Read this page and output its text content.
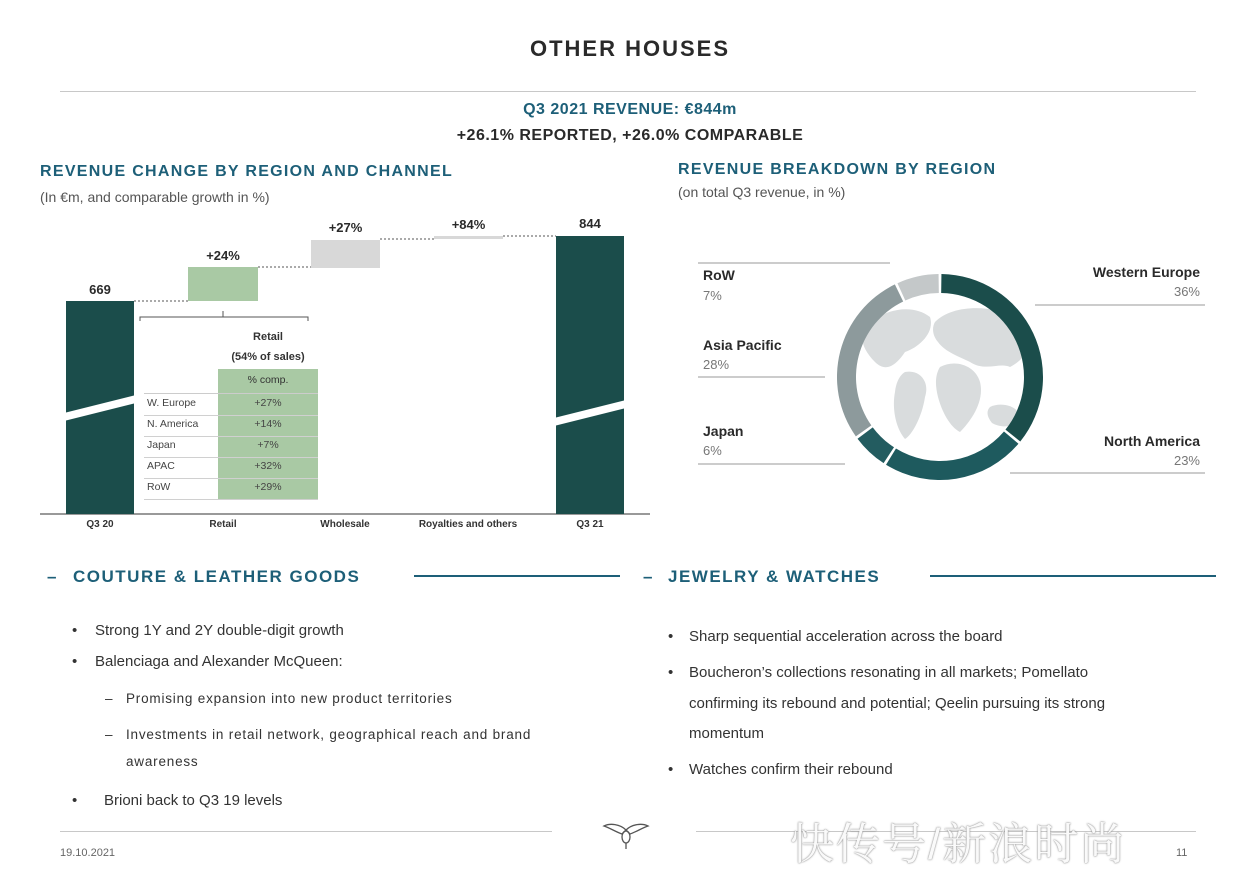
OTHER HOUSES
Q3 2021 REVENUE: €844m
+26.1% REPORTED, +26.0% COMPARABLE
REVENUE CHANGE BY REGION AND CHANNEL
(In €m, and comparable growth in %)
669
+24%
+27%	+84%	844
Q3 20	Retail	Wholesale	Royalties and others	Q3 21
Retail
(54% of sales)
% comp.
W. Europe	+27%
N. America	+14%
Japan	+7%
APAC	+32%
RoW	+29%
REVENUE BREAKDOWN BY REGION
(on total Q3 revenue, in %)
RoW
7%
Asia Pacific
28%
Japan
6%
Western Europe
36%
North America
23%
– COUTURE & LEATHER GOODS
• Strong 1Y and 2Y double-digit growth
• Balenciaga and Alexander McQueen:
– Promising expansion into new product territories
– Investments in retail network, geographical reach and brand
awareness
• Brioni back to Q3 19 levels
– JEWELRY & WATCHES
• Sharp sequential acceleration across the board
• Boucheron’s collections resonating in all markets; Pomellato
confirming its rebound and potential; Qeelin pursuing its strong
momentum
• Watches confirm their rebound
19.10.2021	11
快传号/新浪时尚
